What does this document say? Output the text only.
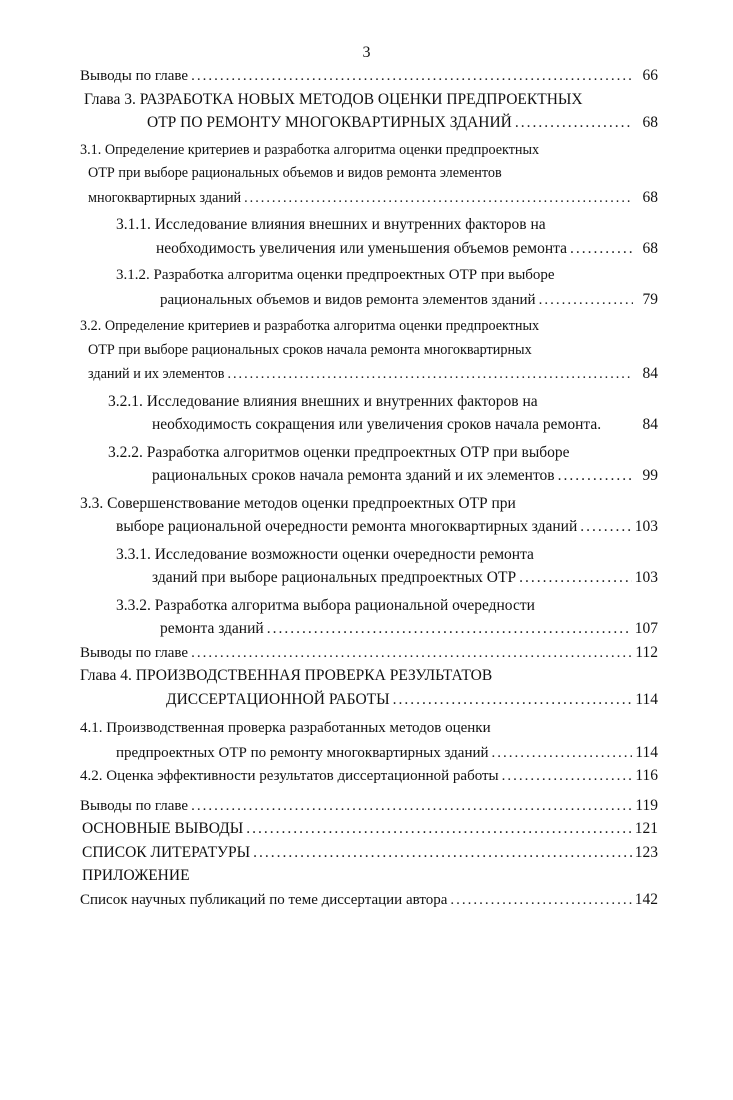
3
Выводы по главе .....	66
Глава 3. РАЗРАБОТКА НОВЫХ МЕТОДОВ ОЦЕНКИ ПРЕДПРОЕКТНЫХ
ОТР ПО РЕМОНТУ МНОГОКВАРТИРНЫХ ЗДАНИЙ .....	68
3.1. Определение критериев и разработка алгоритма оценки предпроектных
ОТР при выборе рациональных объемов и видов ремонта элементов
многоквартирных зданий .....	68
3.1.1. Исследование влияния внешних и внутренних факторов на
необходимость увеличения или уменьшения объемов ремонта .....	68
3.1.2. Разработка алгоритма оценки предпроектных ОТР при выборе
рациональных объемов и видов ремонта элементов зданий .....	79
3.2. Определение критериев и разработка алгоритма оценки предпроектных
ОТР при выборе рациональных сроков начала ремонта многоквартирных
зданий и их элементов .....	84
3.2.1. Исследование влияния внешних и внутренних факторов на
необходимость сокращения или увеличения сроков начала ремонта.	84
3.2.2. Разработка алгоритмов оценки предпроектных ОТР при выборе
рациональных сроков начала ремонта зданий и их элементов .....	99
3.3. Совершенствование методов оценки предпроектных ОТР при
выборе рациональной очередности ремонта многоквартирных зданий .....	103
3.3.1. Исследование возможности оценки очередности ремонта
зданий при выборе рациональных предпроектных ОТР .....	103
3.3.2. Разработка алгоритма выбора рациональной очередности
ремонта зданий .....	107
Выводы по главе .....	112
Глава 4. ПРОИЗВОДСТВЕННАЯ ПРОВЕРКА РЕЗУЛЬТАТОВ
ДИССЕРТАЦИОННОЙ РАБОТЫ .....	114
4.1. Производственная проверка разработанных методов оценки
предпроектных ОТР по ремонту многоквартирных зданий .....	114
4.2. Оценка эффективности результатов диссертационной работы .....	116
Выводы по главе .....	119
ОСНОВНЫЕ ВЫВОДЫ .....	121
СПИСОК ЛИТЕРАТУРЫ .....	123
ПРИЛОЖЕНИЕ
Список научных публикаций по теме диссертации автора .....	142
